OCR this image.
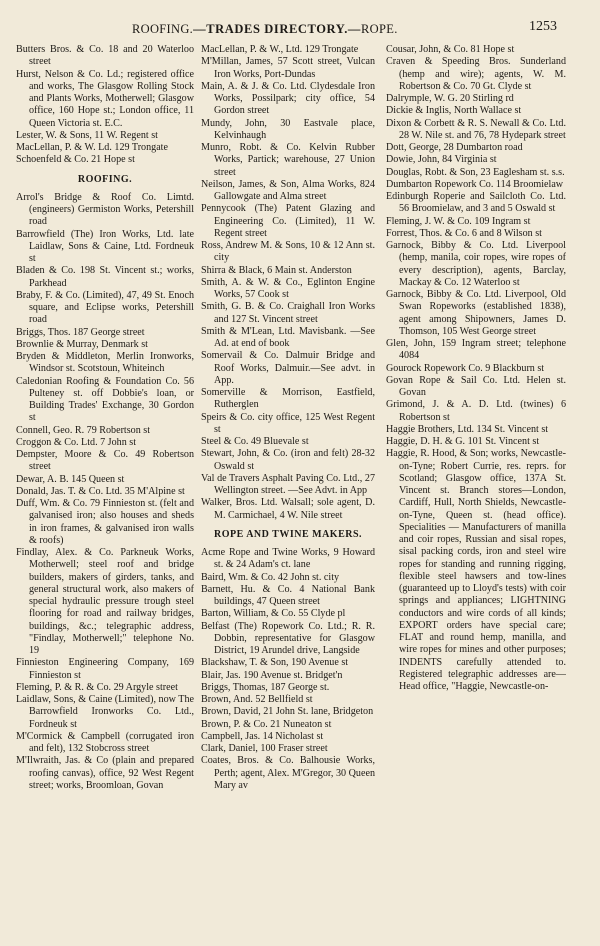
ROOFING.—TRADES DIRECTORY.—ROPE.	1253

Butters Bros. & Co. 18 and 20 Waterloo street

Hurst, Nelson & Co. Ld.; registered office and works, The Glasgow Rolling Stock and Plants Works, Motherwell; Glasgow office, 160 Hope st.; London office, 11 Queen Victoria st. E.C.

Lester, W. & Sons, 11 W. Regent st

MacLellan, P. & W. Ld. 129 Trongate

Schoenfeld & Co. 21 Hope st

ROOFING.

Arrol's Bridge & Roof Co. Limtd. (engineers) Germiston Works, Petershill road

Barrowfield (The) Iron Works, Ltd. late Laidlaw, Sons & Caine, Ltd. Fordneuk st

Bladen & Co. 198 St. Vincent st.; works, Parkhead

Braby, F. & Co. (Limited), 47, 49 St. Enoch square, and Eclipse works, Petershill road

Briggs, Thos. 187 George street

Brownlie & Murray, Denmark st

Bryden & Middleton, Merlin Ironworks, Windsor st. Scotstoun, Whiteinch

Caledonian Roofing & Foundation Co. 56 Pulteney st. off Dobbie's loan, or Building Trades' Exchange, 30 Gordon st

Connell, Geo. R. 79 Robertson st

Croggon & Co. Ltd. 7 John st

Dempster, Moore & Co. 49 Robertson street

Dewar, A. B. 145 Queen st

Donald, Jas. T. & Co. Ltd. 35 M'Alpine st

Duff, Wm. & Co. 79 Finnieston st. (felt and galvanised iron; also houses and sheds in iron frames, & galvanised iron walls & roofs)

Findlay, Alex. & Co. Parkneuk Works, Motherwell; steel roof and bridge builders, makers of girders, tanks, and general structural work, also makers of special hydraulic pressure trough steel flooring for road and railway bridges, buildings, &c.; telegraphic address, "Findlay, Motherwell;" telephone No. 19

Finnieston Engineering Company, 169 Finnieston st

Fleming, P. & R. & Co. 29 Argyle street

Laidlaw, Sons, & Caine (Limited), now The Barrowfield Ironworks Co. Ltd., Fordneuk st

M'Cormick & Campbell (corrugated iron and felt), 132 Stobcross street

M'Ilwraith, Jas. & Co (plain and prepared roofing canvas), office, 92 West Regent street; works, Broomloan, Govan

MacLellan, P. & W., Ltd. 129 Trongate

M'Millan, James, 57 Scott street, Vulcan Iron Works, Port-Dundas

Main, A. & J. & Co. Ltd. Clydesdale Iron Works, Possilpark; city office, 54 Gordon street

Mundy, John, 30 Eastvale place, Kelvinhaugh

Munro, Robt. & Co. Kelvin Rubber Works, Partick; warehouse, 27 Union street

Neilson, James, & Son, Alma Works, 824 Gallowgate and Alma street

Pennycook (The) Patent Glazing and Engineering Co. (Limited), 11 W. Regent street

Ross, Andrew M. & Sons, 10 & 12 Ann st. city

Shirra & Black, 6 Main st. Anderston

Smith, A. & W. & Co., Eglinton Engine Works, 57 Cook st

Smith, G. B. & Co. Craighall Iron Works and 127 St. Vincent street

Smith & M'Lean, Ltd. Mavisbank. —See Ad. at end of book

Somervail & Co. Dalmuir Bridge and Roof Works, Dalmuir.—See advt. in App.

Somerville & Morrison, Eastfield, Rutherglen

Speirs & Co. city office, 125 West Regent st

Steel & Co. 49 Bluevale st

Stewart, John, & Co. (iron and felt) 28-32 Oswald st

Val de Travers Asphalt Paving Co. Ltd., 27 Wellington street. —See Advt. in App

Walker, Bros. Ltd. Walsall; sole agent, D. M. Carmichael, 4 W. Nile street

ROPE AND TWINE MAKERS.

Acme Rope and Twine Works, 9 Howard st. & 24 Adam's ct. lane

Baird, Wm. & Co. 42 John st. city

Barnett, Hu. & Co. 4 National Bank buildings, 47 Queen street

Barton, William, & Co. 55 Clyde pl

Belfast (The) Ropework Co. Ltd.; R. R. Dobbin, representative for Glasgow District, 19 Arundel drive, Langside

Blackshaw, T. & Son, 190 Avenue st

Blair, Jas. 190 Avenue st. Bridget'n

Briggs, Thomas, 187 George st.

Brown, And. 52 Bellfield st

Brown, David, 21 John St. lane, Bridgeton

Brown, P. & Co. 21 Nuneaton st

Campbell, Jas. 14 Nicholast st

Clark, Daniel, 100 Fraser street

Coates, Bros. & Co. Balhousie Works, Perth; agent, Alex. M'Gregor, 30 Queen Mary av

Cousar, John, & Co. 81 Hope st

Craven & Speeding Bros. Sunderland (hemp and wire); agents, W. M. Robertson & Co. 70 Gt. Clyde st

Dalrymple, W. G. 20 Stirling rd

Dickie & Inglis, North Wallace st

Dixon & Corbett & R. S. Newall & Co. Ltd. 28 W. Nile st. and 76, 78 Hydepark street

Dott, George, 28 Dumbarton road

Dowie, John, 84 Virginia st

Douglas, Robt. & Son, 23 Eaglesham st. s.s.

Dumbarton Ropework Co. 114 Broomielaw

Edinburgh Roperie and Sailcloth Co. Ltd. 56 Broomielaw, and 3 and 5 Oswald st

Fleming, J. W. & Co. 109 Ingram st

Forrest, Thos. & Co. 6 and 8 Wilson st

Garnock, Bibby & Co. Ltd. Liverpool (hemp, manila, coir ropes, wire ropes of every description), agents, Barclay, Mackay & Co. 12 Waterloo st

Garnock, Bibby & Co. Ltd. Liverpool, Old Swan Ropeworks (established 1838), agent among Shipowners, James D. Thomson, 105 West George street

Glen, John, 159 Ingram street; telephone 4084

Gourock Ropework Co. 9 Blackburn st

Govan Rope & Sail Co. Ltd. Helen st. Govan

Grimond, J. & A. D. Ltd. (twines) 6 Robertson st

Haggie Brothers, Ltd. 134 St. Vincent st

Haggie, D. H. & G. 101 St. Vincent st

Haggie, R. Hood, & Son; works, Newcastle-on-Tyne; Robert Currie, res. reprs. for Scotland; Glasgow office, 137A St. Vincent st. Branch stores—London, Cardiff, Hull, North Shields, Newcastle-on-Tyne, Queen st. (head office). Specialities — Manufacturers of manilla and coir ropes, Russian and sisal ropes, sisal packing cords, iron and steel wire ropes for standing and running rigging, flexible steel hawsers and tow-lines (guaranteed up to Lloyd's tests) with coir springs and appliances; LIGHTNING conductors and wire cords of all kinds; EXPORT orders have special care; FLAT and round hemp, manilla, and wire ropes for mines and other purposes; INDENTS carefully attended to. Registered telegraphic addresses are—Head office, "Haggie, Newcastle-on-
